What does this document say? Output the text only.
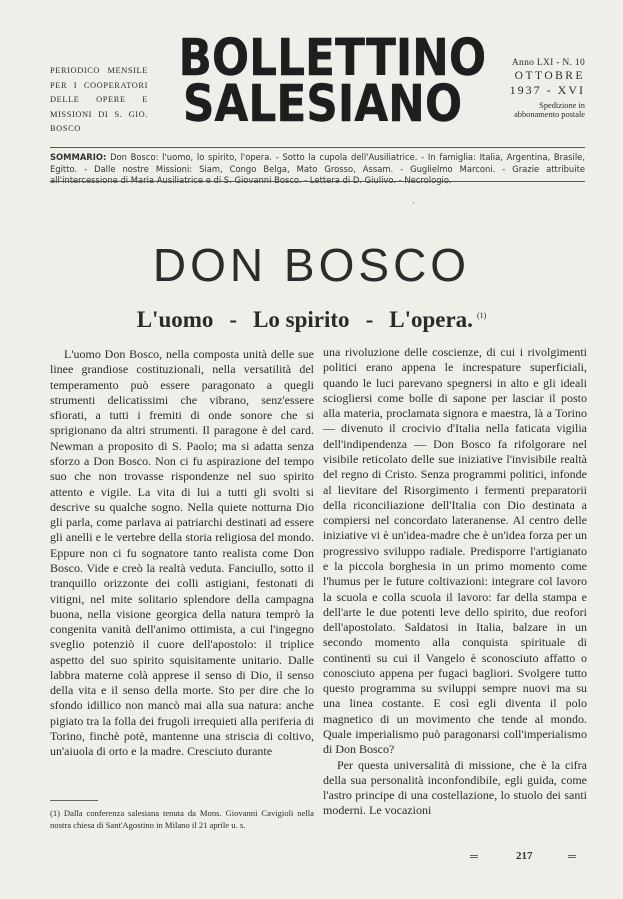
PERIODICO MENSILE PER I COOPERATORI DELLE OPERE E MISSIONI DI S. GIO. BOSCO
BOLLETTINO
SALESIANO
Anno LXI - N. 10
OTTOBRE
1937 - XVI
Spedizione in abbonamento postale
SOMMARIO: Don Bosco: l'uomo, lo spirito, l'opera. - Sotto la cupola dell'Ausiliatrice. - In famiglia: Italia, Argentina, Brasile, Egitto. - Dalle nostre Missioni: Siam, Congo Belga, Mato Grosso, Assam. - Guglielmo Marconi. - Grazie attribuite
·
DON BOSCO
L'uomo - Lo spirito - L'opera. $^{(1)}$

L'uomo Don Bosco, nella composta unità delle sue linee grandiose costituzionali, nella versatilità del temperamento può essere paragonato a quegli strumenti delicatissimi che vibrano, senz'essere sfiorati, a tutti i fremiti di onde sonore che si sprigionano da altri strumenti. Il paragone è del card. Newman a proposito di S. Paolo; ma si adatta senza sforzo a Don Bosco. Non ci fu aspirazione del tempo suo che non trovasse rispondenze nel suo spirito attento e vigile. La vita di lui a tutti gli svolti si descrive su qualche sogno. Nella quiete notturna Dio gli parla, come parlava ai patriarchi destinati ad essere gli anelli e le vertebre della storia religiosa del mondo. Eppure non ci fu sognatore tanto realista come Don Bosco. Vide e creò la realtà veduta. Fanciullo, sotto il tranquillo orizzonte dei colli astigiani, festonati di vitigni, nel mite solitario splendore della campagna buona, nella visione georgica della natura temprò la congenita vanità dell'animo ottimista, a cui l'ingegno sveglio potenziò il cuore dell'apostolo: il triplice aspetto del suo spirito squisitamente unitario. Dalle labbra materne colà apprese il senso di Dio, il senso della vita e il senso della morte. Sto per dire che lo sfondo idillico non mancò mai alla sua natura: anche pigiato tra la folla dei frugoli irrequieti alla periferia di Torino, finchè potè, mantenne una striscia di coltivo, un'aiuola di orto e la madre. Cresciuto durante

una rivoluzione delle coscienze, di cui i rivolgimenti politici erano appena le increspature superficiali, quando le luci parevano spegnersi in alto e gli ideali sciogliersi come bolle di sapone per lasciar il posto alla materia, proclamata signora e maestra, là a Torino — divenuto il crocivio d'Italia nella faticata vigilia dell'indipendenza — Don Bosco fa rifolgorare nel visibile reticolato delle sue iniziative l'invisibile realtà del regno di Cristo. Senza programmi politici, infonde al lievitare del Risorgimento i fermenti preparatorii della riconciliazione dell'Italia con Dio destinata a compiersi nel concordato lateranense. Al centro delle iniziative vi è un'idea-madre che è un'idea forza per un progressivo sviluppo radiale. Predisporre l'artigianato e la piccola borghesia in un primo momento come l'humus per le future coltivazioni: integrare col lavoro la scuola e colla scuola il lavoro: far della stampa e dell'arte le due potenti leve dello spirito, due reofori dell'apostolato. Saldatosi in Italia, balzare in un secondo momento alla conquista spirituale di continenti su cui il Vangelo è sconosciuto affatto o conosciuto appena per fugaci bagliori. Svolgere tutto questo programma su sviluppi sempre nuovi ma su una linea costante. E così egli diventa il polo magnetico di un movimento che tende al mondo. Quale imperialismo può paragonarsi coll'imperialismo di Don Bosco?

Per questa universalità di missione, che è la cifra della sua personalità inconfondibile, egli guida, come l'astro principe di una costellazione, lo stuolo dei santi moderni. Le vocazioni

(1) Dalla conferenza salesiana tenuta da Mons. Giovanni Cavigioli nella nostra chiesa di Sant'Agostino in Milano il 21 aprile u. s.
═	217	═
